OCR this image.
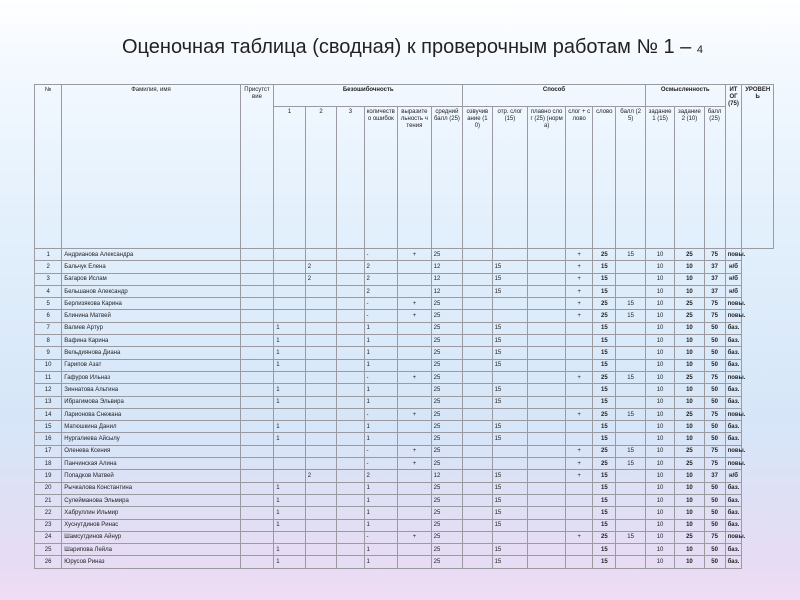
Оценочная таблица (сводная) к проверочным работам № 1 – 4
№	Фамилия, имя	Присутствие	Безошибочность						Способ						Осмысленность			ИТОГ (75)	УРОВЕНЬ
			1	2	3	количество ошибок	выразительность чтения	средний балл (25)	озвучивание (10)	отр. слог (15)	плавно слог (25) (норма)	слог + слово	слово	балл (25)	задание 1 (15)	задание 2 (10)	балл (25)		
1	Андрианова Александра					-	+	25				+	25	15	10	25	75	повы.	
2	Бальчук Елена			2		2		12		15		+	15		10	10	37	н/б	
3	Багаров Ислам			2		2		12		15		+	15		10	10	37	н/б	
4	Бельшанов Александр					2		12		15		+	15		10	10	37	н/б	
5	Берлизякова Карина					-	+	25				+	25	15	10	25	75	повы.	
6	Блинина Матвей					-	+	25				+	25	15	10	25	75	повы.	
7	Валиев Артур		1			1		25		15			15		10	10	50	баз.	
8	Вафина Карина		1			1		25		15			15		10	10	50	баз.	
9	Вельдиянова Диана		1			1		25		15			15		10	10	50	баз.	
10	Гарипов Азат		1			1		25		15			15		10	10	50	баз.	
11	Гафуров Ильназ					-	+	25				+	25	15	10	25	75	повы.	
12	Зиннатова Альтина		1			1		25		15			15		10	10	50	баз.	
13	Ибрагимова Эльвира		1			1		25		15			15		10	10	50	баз.	
14	Ларионова Снежана					-	+	25				+	25	15	10	25	75	повы.	
15	Матюшкина Данил		1			1		25		15			15		10	10	50	баз.	
16	Нургалиева Айсылу		1			1		25		15			15		10	10	50	баз.	
17	Оленева Ксения					-	+	25				+	25	15	10	25	75	повы.	
18	Панчинская Алина					-	+	25				+	25	15	10	25	75	повы.	
19	Попадков Матвей			2		2		12		15		+	15		10	10	37	н/б	
20	Рычкалова Константина		1			1		25		15			15		10	10	50	баз.	
21	Сулейманова Эльмира		1			1		25		15			15		10	10	50	баз.	
22	Хабруллин Ильмир		1			1		25		15			15		10	10	50	баз.	
23	Хуснутдинов Ринас		1			1		25		15			15		10	10	50	баз.	
24	Шамсутдинов Айнур					-	+	25				+	25	15	10	25	75	повы.	
25	Шарипова Лейла		1			1		25		15			15		10	10	50	баз.	
26	Юрусов Риназ		1			1		25		15			15		10	10	50	баз.	
